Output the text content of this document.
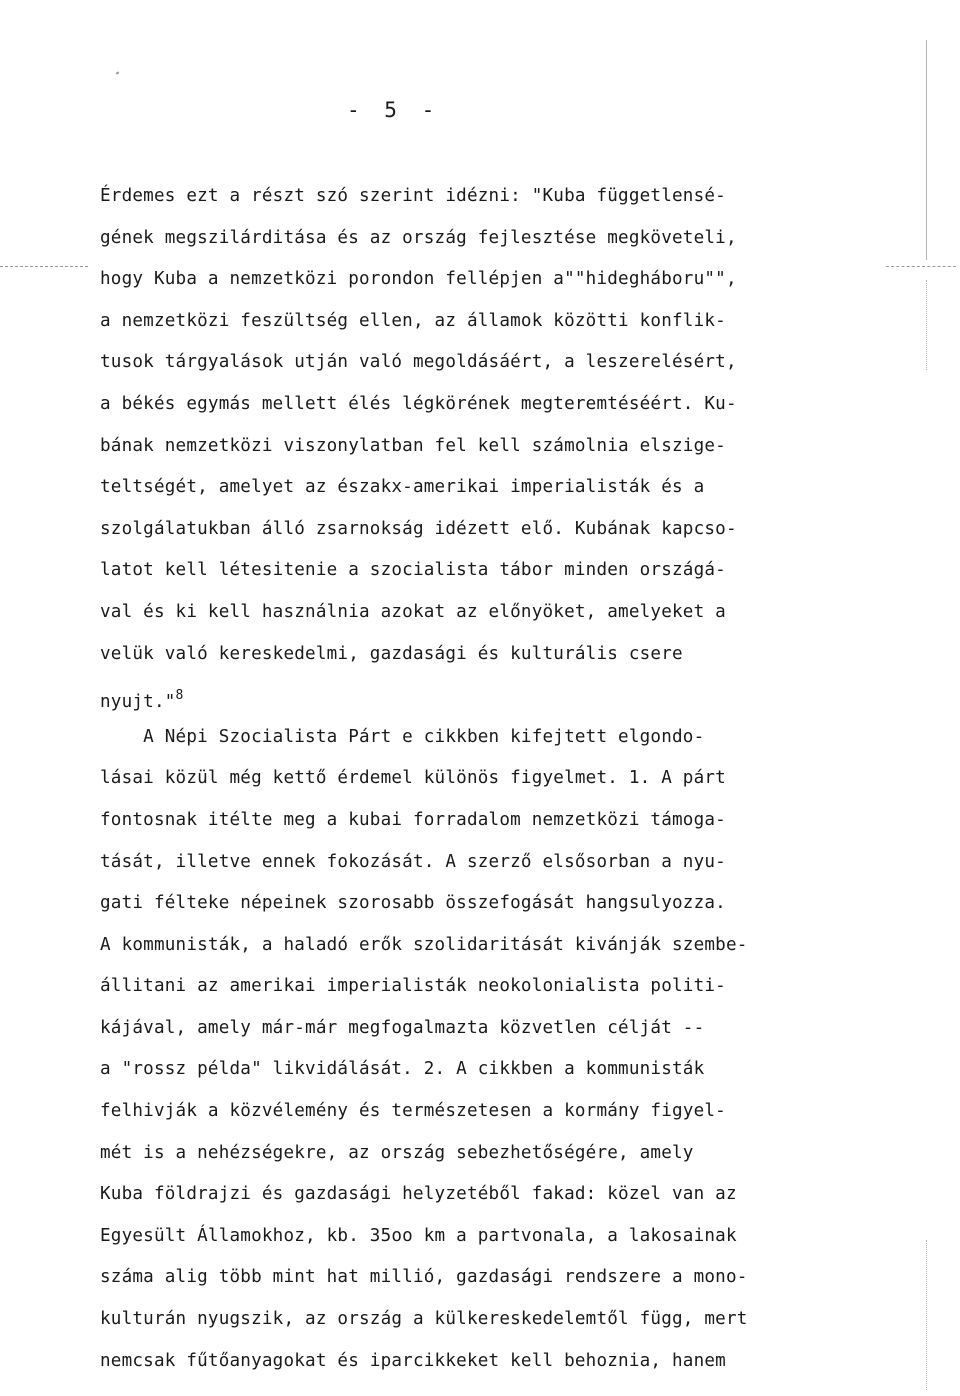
- 5 -
Érdemes ezt a részt szó szerint idézni: "Kuba függetlensé-
gének megszilárditása és az ország fejlesztése megköveteli,
hogy Kuba a nemzetközi porondon fellépjen a""hidegháboru"",
a nemzetközi feszültség ellen, az államok közötti konflik-
tusok tárgyalások utján való megoldásáért, a leszerelésért,
a békés egymás mellett élés légkörének megteremtéséért. Ku-
bának nemzetközi viszonylatban fel kell számolnia elszige-
teltségét, amelyet az északx-amerikai imperialisták és a
szolgálatukban álló zsarnokság idézett elő. Kubának kapcso-
latot kell létesitenie a szocialista tábor minden országá-
val és ki kell használnia azokat az előnyöket, amelyeket a
velük való kereskedelmi, gazdasági és kulturális csere
nyujt."$^8$
A Népi Szocialista Párt e cikkben kifejtett elgondo-
lásai közül még kettő érdemel különös figyelmet. 1. A párt
fontosnak itélte meg a kubai forradalom nemzetközi támoga-
tását, illetve ennek fokozását. A szerző elsősorban a nyu-
gati félteke népeinek szorosabb összefogását hangsulyozza.
A kommunisták, a haladó erők szolidaritását kivánják szembe-
állitani az amerikai imperialisták neokolonialista politi-
kájával, amely már-már megfogalmazta közvetlen célját --
a "rossz példa" likvidálását. 2. A cikkben a kommunisták
felhivják a közvélemény és természetesen a kormány figyel-
mét is a nehézségekre, az ország sebezhetőségére, amely
Kuba földrajzi és gazdasági helyzetéből fakad: közel van az
Egyesült Államokhoz, kb. 35oo km a partvonala, a lakosainak
száma alig több mint hat millió, gazdasági rendszere a mono-
kulturán nyugszik, az ország a külkereskedelemtől függ, mert
nemcsak fűtőanyagokat és iparcikkeket kell behoznia, hanem
